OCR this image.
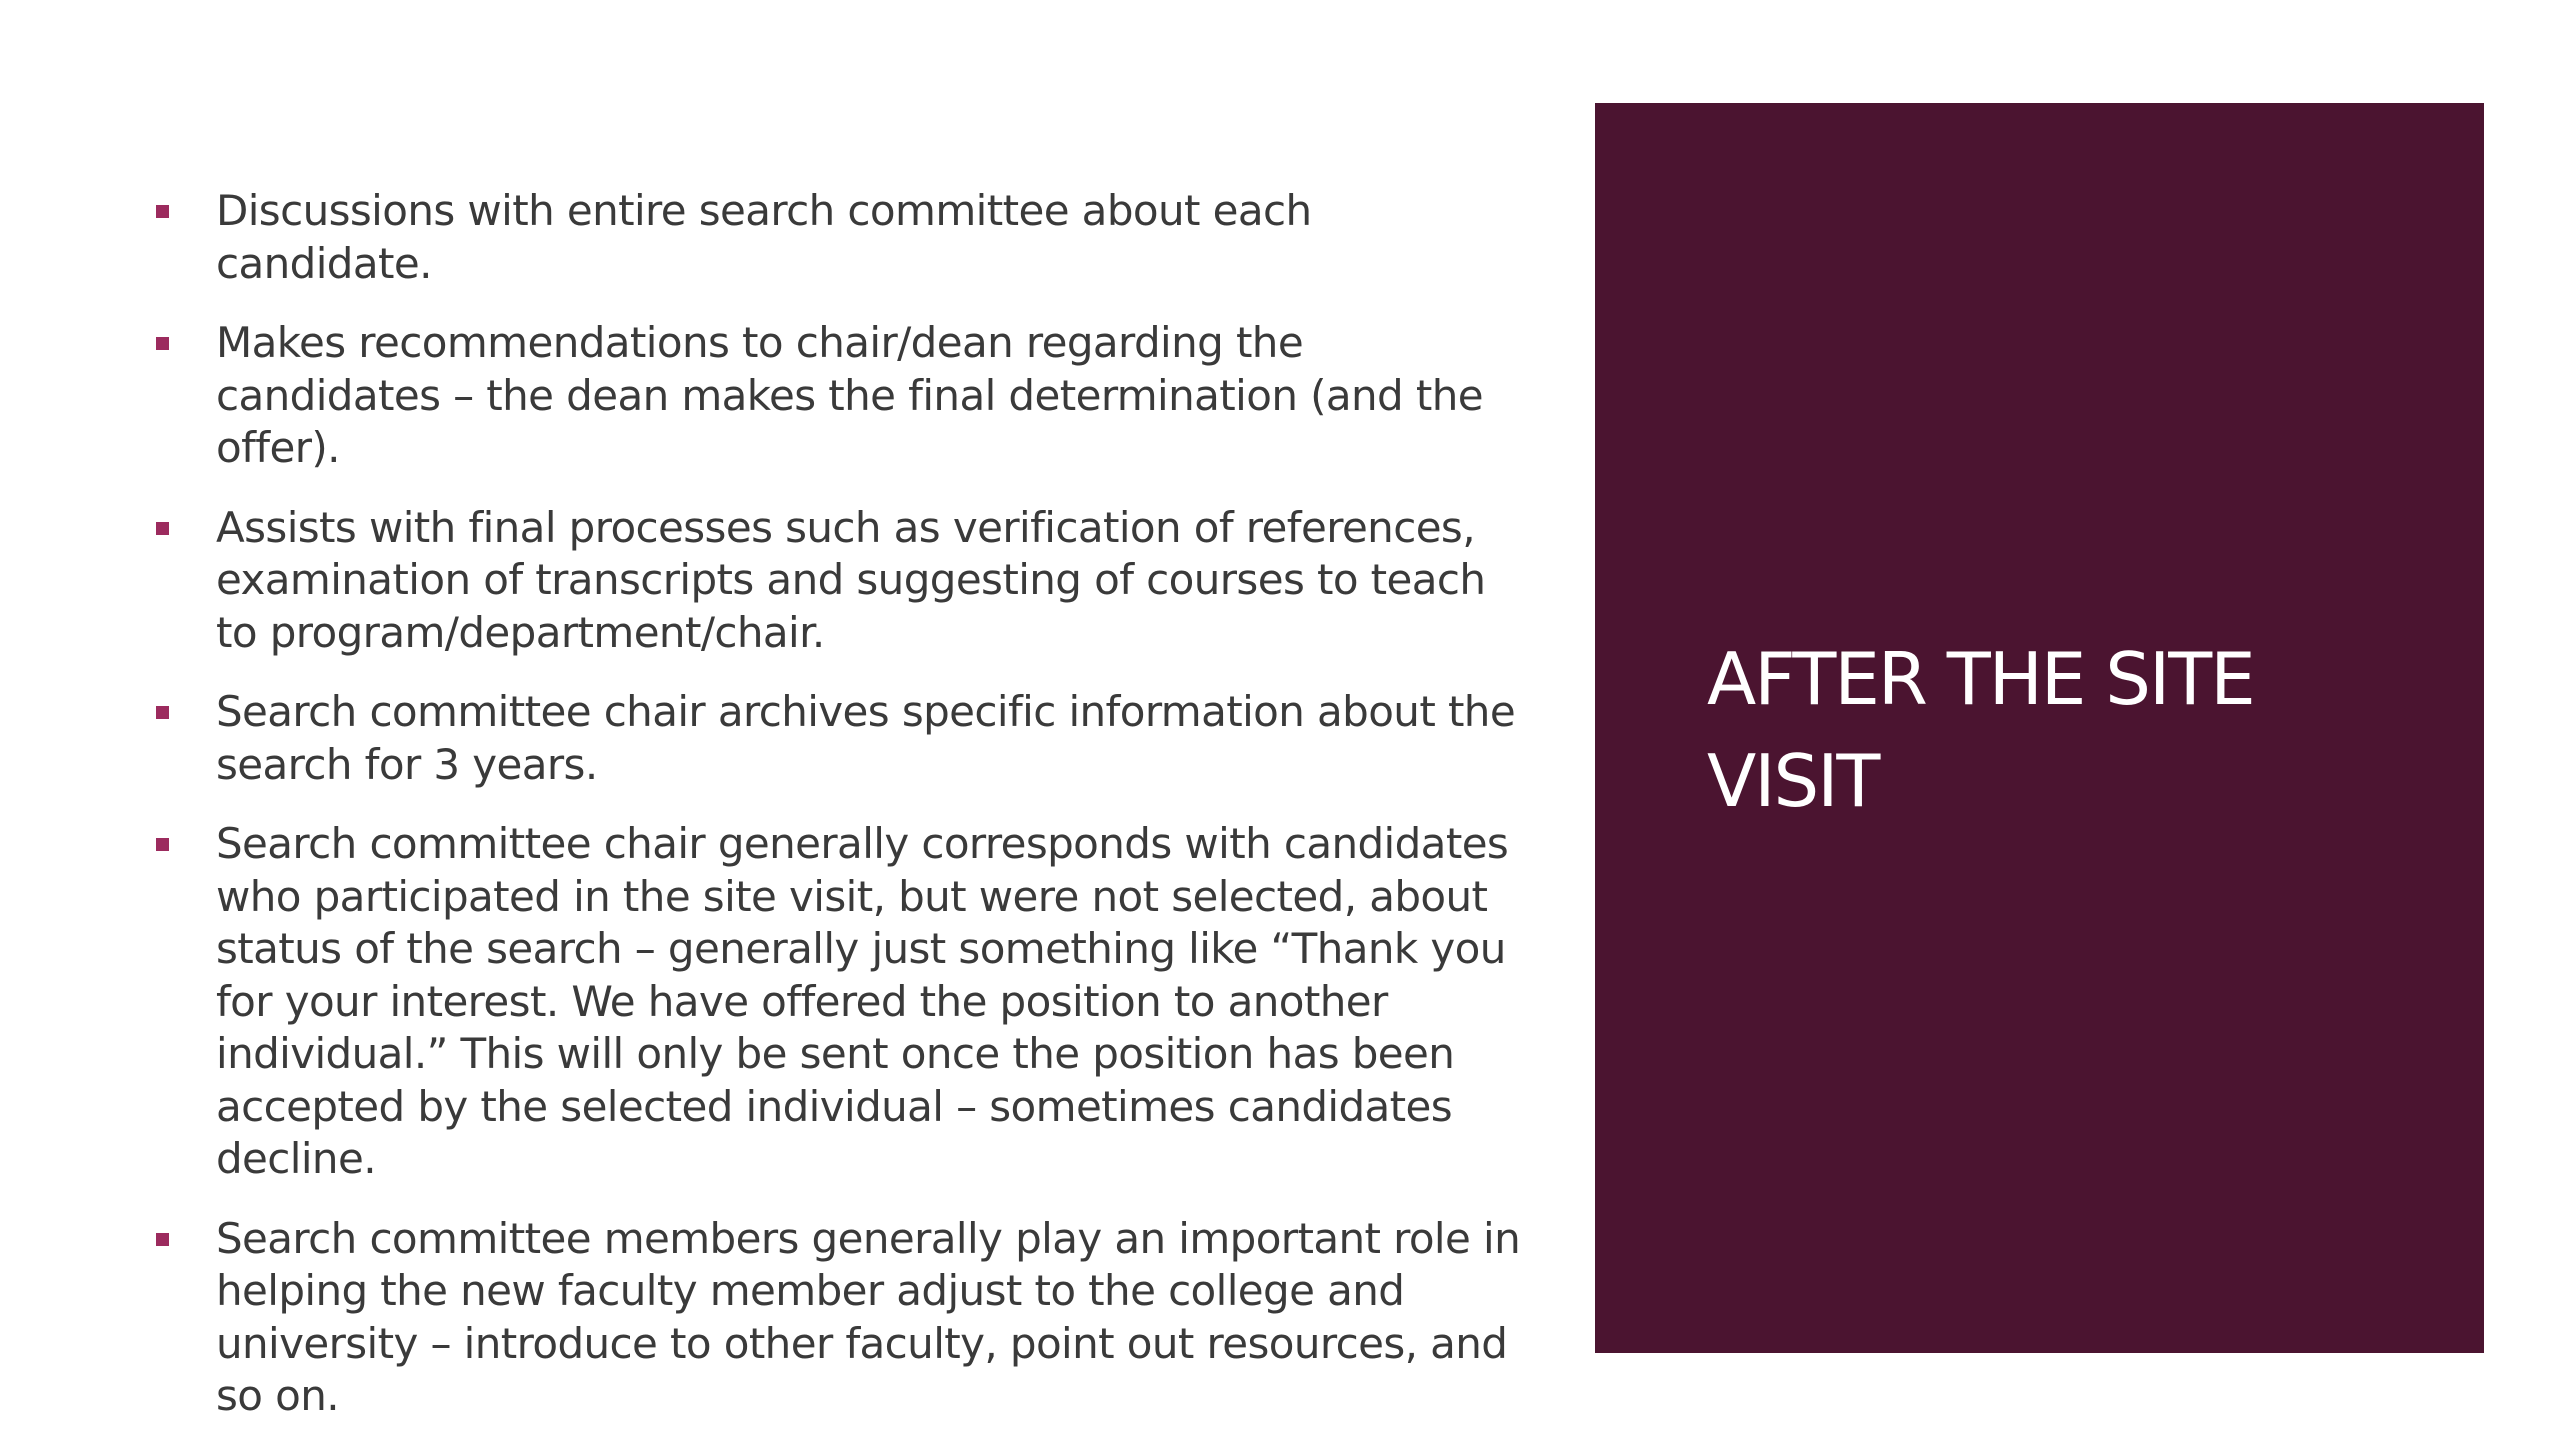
Discussions with entire search committee about each candidate.
Makes recommendations to chair/dean regarding the candidates – the dean makes the final determination (and the offer).
Assists with final processes such as verification of references, examination of transcripts and suggesting of courses to teach to program/department/chair.
Search committee chair archives specific information about the search for 3 years.
Search committee chair generally corresponds with candidates who participated in the site visit, but were not selected, about status of the search – generally just something like “Thank you for your interest. We have offered the position to another individual.” This will only be sent once the position has been accepted by the selected individual – sometimes candidates decline.
Search committee members generally play an important role in helping the new faculty member adjust to the college and university – introduce to other faculty, point out resources, and so on.
AFTER THE SITE VISIT
